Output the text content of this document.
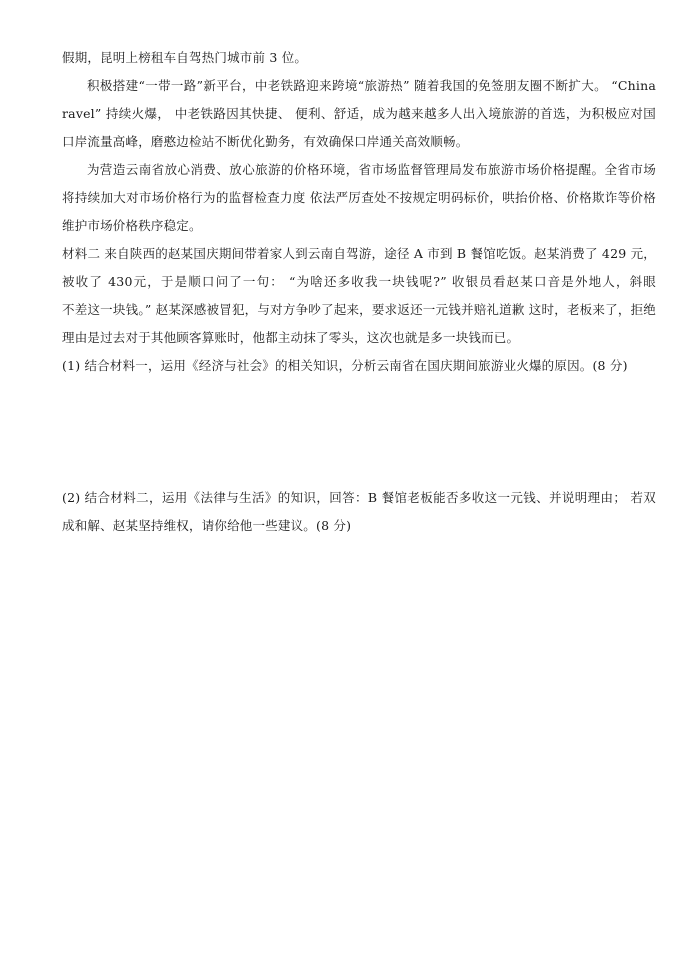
假期，昆明上榜租车自驾热门城市前 3 位。
积极搭建“一带一路”新平台，中老铁路迎来跨境“旅游热” 随着我国的免签朋友圈不断扩大。 “China
ravel” 持续火爆， 中老铁路因其快捷、 便利、舒适，成为越来越多人出入境旅游的首选，为积极应对国
口岸流量高峰，磨憨边检站不断优化勤务，有效确保口岸通关高效顺畅。
为营造云南省放心消费、放心旅游的价格环境，省市场监督管理局发布旅游市场价格提醒。全省市场
将持续加大对市场价格行为的监督检查力度 依法严厉查处不按规定明码标价，哄抬价格、价格欺诈等价格
维护市场价格秩序稳定。
材料二 来自陕西的赵某国庆期间带着家人到云南自驾游，途径 A 市到 B 餐馆吃饭。赵某消费了 429 元，
被收了 430元，于是顺口问了一句： “为啥还多收我一块钱呢?” 收银员看赵某口音是外地人，斜眼
不差这一块钱。” 赵某深感被冒犯，与对方争吵了起来，要求返还一元钱并赔礼道歉 这时，老板来了，拒绝
理由是过去对于其他顾客算账时，他都主动抹了零头，这次也就是多一块钱而已。
(1) 结合材料一，运用《经济与社会》的相关知识，分析云南省在国庆期间旅游业火爆的原因。(8 分)
(2) 结合材料二，运用《法律与生活》的知识，回答：B 餐馆老板能否多收这一元钱、并说明理由； 若双
成和解、赵某坚持维权，请你给他一些建议。(8 分)
